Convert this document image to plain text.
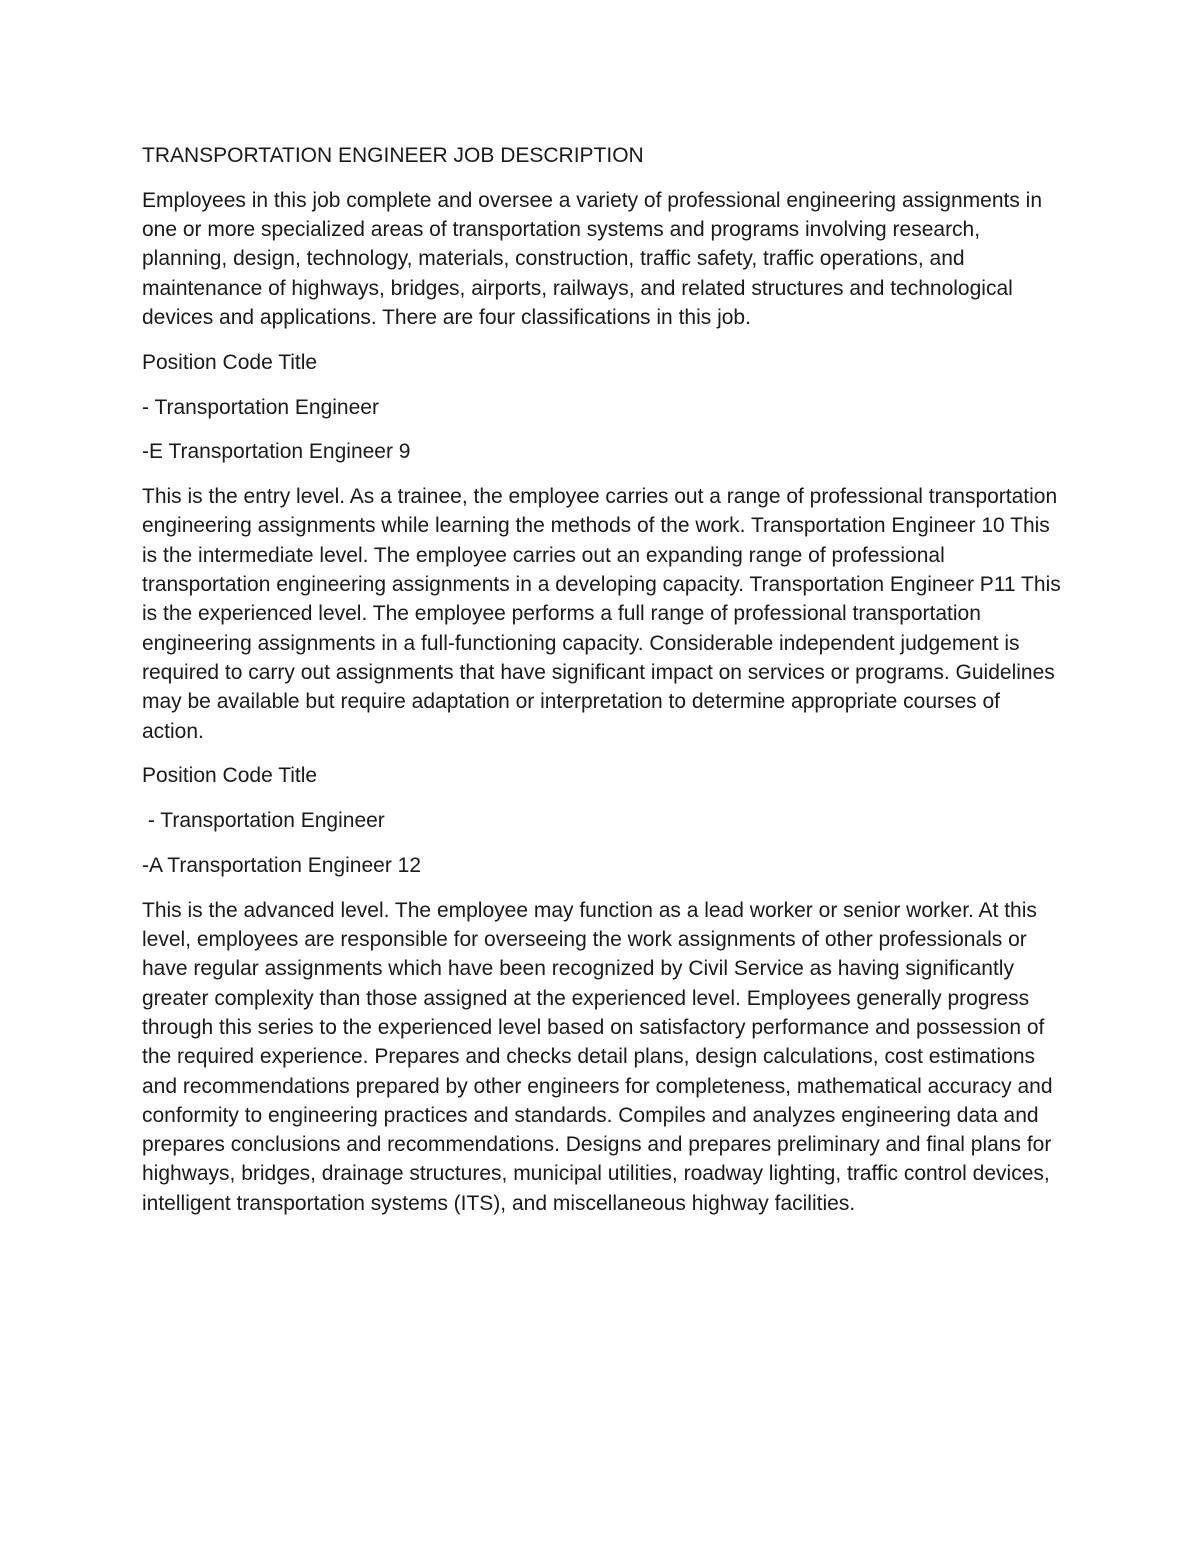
TRANSPORTATION ENGINEER JOB DESCRIPTION

Employees in this job complete and oversee a variety of professional engineering assignments in one or more specialized areas of transportation systems and programs involving research, planning, design, technology, materials, construction, traffic safety, traffic operations, and maintenance of highways, bridges, airports, railways, and related structures and technological devices and applications. There are four classifications in this job.

Position Code Title

- Transportation Engineer

-E Transportation Engineer 9

This is the entry level. As a trainee, the employee carries out a range of professional transportation engineering assignments while learning the methods of the work. Transportation Engineer 10 This is the intermediate level. The employee carries out an expanding range of professional transportation engineering assignments in a developing capacity. Transportation Engineer P11 This is the experienced level. The employee performs a full range of professional transportation engineering assignments in a full-functioning capacity. Considerable independent judgement is required to carry out assignments that have significant impact on services or programs. Guidelines may be available but require adaptation or interpretation to determine appropriate courses of action.

Position Code Title

- Transportation Engineer

-A Transportation Engineer 12

This is the advanced level. The employee may function as a lead worker or senior worker. At this level, employees are responsible for overseeing the work assignments of other professionals or have regular assignments which have been recognized by Civil Service as having significantly greater complexity than those assigned at the experienced level. Employees generally progress through this series to the experienced level based on satisfactory performance and possession of the required experience. Prepares and checks detail plans, design calculations, cost estimations and recommendations prepared by other engineers for completeness, mathematical accuracy and conformity to engineering practices and standards. Compiles and analyzes engineering data and prepares conclusions and recommendations. Designs and prepares preliminary and final plans for highways, bridges, drainage structures, municipal utilities, roadway lighting, traffic control devices, intelligent transportation systems (ITS), and miscellaneous highway facilities.
